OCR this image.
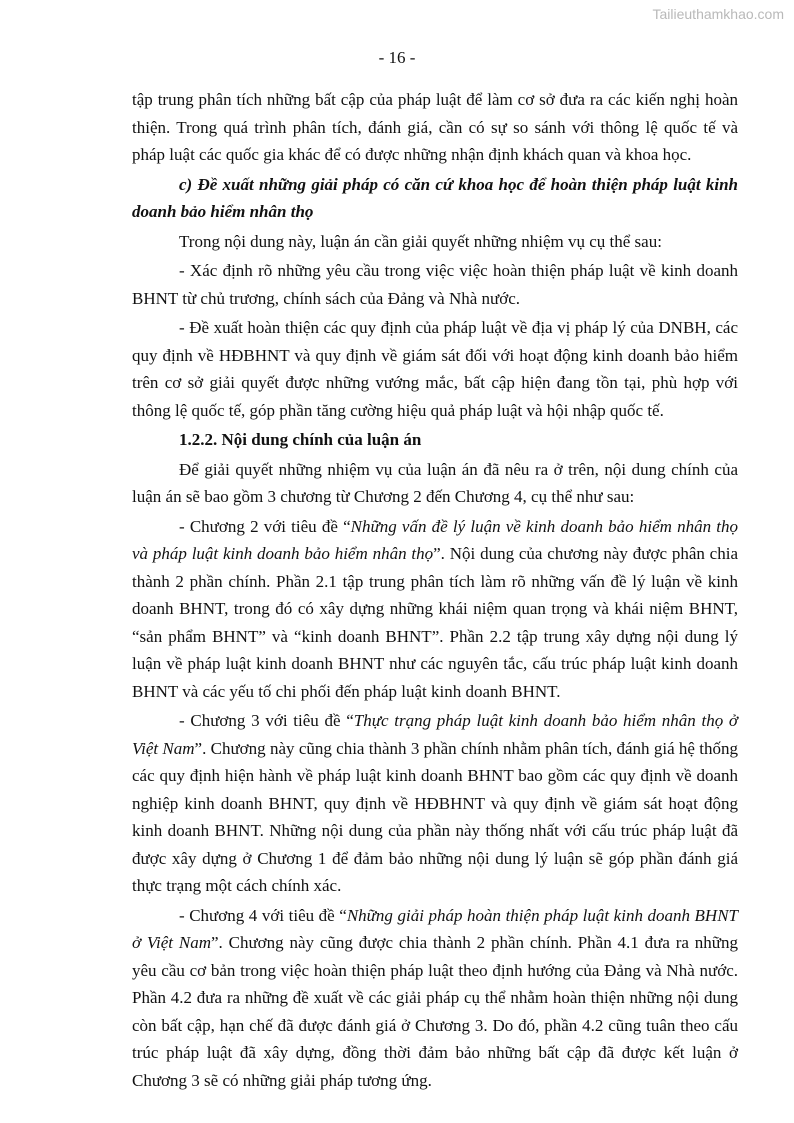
Tailieuthamkhao.com
- 16 -

tập trung phân tích những bất cập của pháp luật để làm cơ sở đưa ra các kiến nghị hoàn thiện. Trong quá trình phân tích, đánh giá, cần có sự so sánh với thông lệ quốc tế và pháp luật các quốc gia khác để có được những nhận định khách quan và khoa học.

c) Đề xuất những giải pháp có căn cứ khoa học để hoàn thiện pháp luật kinh doanh bảo hiểm nhân thọ

Trong nội dung này, luận án cần giải quyết những nhiệm vụ cụ thể sau:

- Xác định rõ những yêu cầu trong việc việc hoàn thiện pháp luật về kinh doanh BHNT từ chủ trương, chính sách của Đảng và Nhà nước.

- Đề xuất hoàn thiện các quy định của pháp luật về địa vị pháp lý của DNBH, các quy định về HĐBHNT và quy định về giám sát đối với hoạt động kinh doanh bảo hiểm trên cơ sở giải quyết được những vướng mắc, bất cập hiện đang tồn tại, phù hợp với thông lệ quốc tế, góp phần tăng cường hiệu quả pháp luật và hội nhập quốc tế.

1.2.2. Nội dung chính của luận án

Để giải quyết những nhiệm vụ của luận án đã nêu ra ở trên, nội dung chính của luận án sẽ bao gồm 3 chương từ Chương 2 đến Chương 4, cụ thể như sau:

- Chương 2 với tiêu đề “Những vấn đề lý luận về kinh doanh bảo hiểm nhân thọ và pháp luật kinh doanh bảo hiểm nhân thọ”. Nội dung của chương này được phân chia thành 2 phần chính. Phần 2.1 tập trung phân tích làm rõ những vấn đề lý luận về kinh doanh BHNT, trong đó có xây dựng những khái niệm quan trọng và khái niệm BHNT, “sản phẩm BHNT” và “kinh doanh BHNT”. Phần 2.2 tập trung xây dựng nội dung lý luận về pháp luật kinh doanh BHNT như các nguyên tắc, cấu trúc pháp luật kinh doanh BHNT và các yếu tố chi phối đến pháp luật kinh doanh BHNT.

- Chương 3 với tiêu đề “Thực trạng pháp luật kinh doanh bảo hiểm nhân thọ ở Việt Nam”. Chương này cũng chia thành 3 phần chính nhằm phân tích, đánh giá hệ thống các quy định hiện hành về pháp luật kinh doanh BHNT bao gồm các quy định về doanh nghiệp kinh doanh BHNT, quy định về HĐBHNT và quy định về giám sát hoạt động kinh doanh BHNT. Những nội dung của phần này thống nhất với cấu trúc pháp luật đã được xây dựng ở Chương 1 để đảm bảo những nội dung lý luận sẽ góp phần đánh giá thực trạng một cách chính xác.

- Chương 4 với tiêu đề “Những giải pháp hoàn thiện pháp luật kinh doanh BHNT ở Việt Nam”. Chương này cũng được chia thành 2 phần chính. Phần 4.1 đưa ra những yêu cầu cơ bản trong việc hoàn thiện pháp luật theo định hướng của Đảng và Nhà nước. Phần 4.2 đưa ra những đề xuất về các giải pháp cụ thể nhằm hoàn thiện những nội dung còn bất cập, hạn chế đã được đánh giá ở Chương 3. Do đó, phần 4.2 cũng tuân theo cấu trúc pháp luật đã xây dựng, đồng thời đảm bảo những bất cập đã được kết luận ở Chương 3 sẽ có những giải pháp tương ứng.
